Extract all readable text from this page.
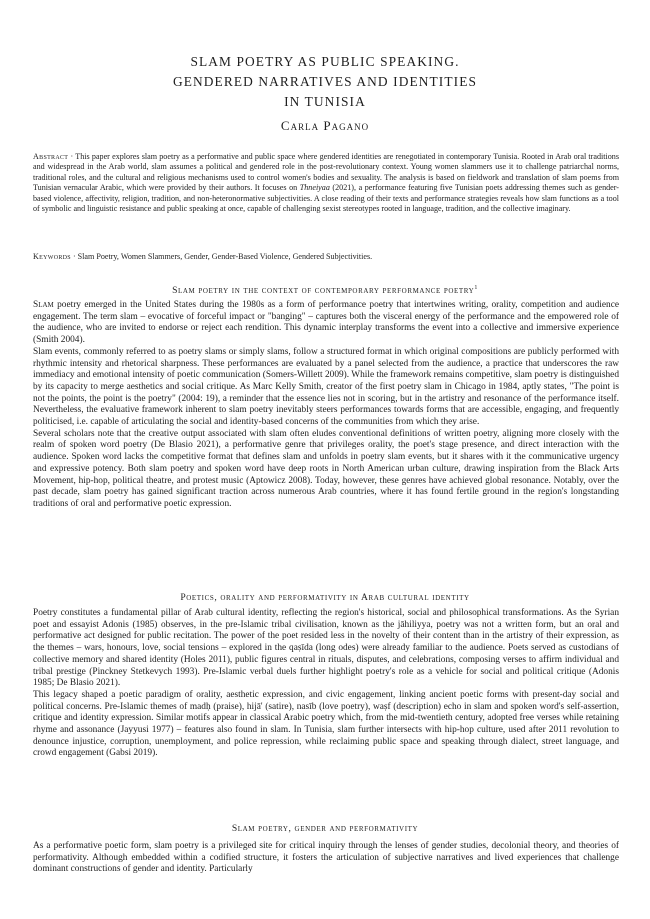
SLAM POETRY AS PUBLIC SPEAKING.
GENDERED NARRATIVES AND IDENTITIES
IN TUNISIA
Carla Pagano
Abstract · This paper explores slam poetry as a performative and public space where gendered identities are renegotiated in contemporary Tunisia. Rooted in Arab oral traditions and widespread in the Arab world, slam assumes a political and gendered role in the post-revolutionary context. Young women slammers use it to challenge patriarchal norms, traditional roles, and the cultural and religious mechanisms used to control women's bodies and sexuality. The analysis is based on fieldwork and translation of slam poems from Tunisian vernacular Arabic, which were provided by their authors. It focuses on Thneiyaa (2021), a performance featuring five Tunisian poets addressing themes such as gender-based violence, affectivity, religion, tradition, and non-heteronormative subjectivities. A close reading of their texts and performance strategies reveals how slam functions as a tool of symbolic and linguistic resistance and public speaking at once, capable of challenging sexist stereotypes rooted in language, tradition, and the collective imaginary.
Keywords · Slam Poetry, Women Slammers, Gender, Gender-Based Violence, Gendered Subjectivities.
Slam poetry in the context of contemporary performance poetry$^1$

Slam poetry emerged in the United States during the 1980s as a form of performance poetry that intertwines writing, orality, competition and audience engagement. The term slam – evocative of forceful impact or "banging" – captures both the visceral energy of the performance and the empowered role of the audience, who are invited to endorse or reject each rendition. This dynamic interplay transforms the event into a collective and immersive experience (Smith 2004).

Slam events, commonly referred to as poetry slams or simply slams, follow a structured format in which original compositions are publicly performed with rhythmic intensity and rhetorical sharpness. These performances are evaluated by a panel selected from the audience, a practice that underscores the raw immediacy and emotional intensity of poetic communication (Somers-Willett 2009). While the framework remains competitive, slam poetry is distinguished by its capacity to merge aesthetics and social critique. As Marc Kelly Smith, creator of the first poetry slam in Chicago in 1984, aptly states, "The point is not the points, the point is the poetry" (2004: 19), a reminder that the essence lies not in scoring, but in the artistry and resonance of the performance itself. Nevertheless, the evaluative framework inherent to slam poetry inevitably steers performances towards forms that are accessible, engaging, and frequently politicised, i.e. capable of articulating the social and identity-based concerns of the communities from which they arise.

Several scholars note that the creative output associated with slam often eludes conventional definitions of written poetry, aligning more closely with the realm of spoken word poetry (De Blasio 2021), a performative genre that privileges orality, the poet's stage presence, and direct interaction with the audience. Spoken word lacks the competitive format that defines slam and unfolds in poetry slam events, but it shares with it the communicative urgency and expressive potency. Both slam poetry and spoken word have deep roots in North American urban culture, drawing inspiration from the Black Arts Movement, hip-hop, political theatre, and protest music (Aptowicz 2008). Today, however, these genres have achieved global resonance. Notably, over the past decade, slam poetry has gained significant traction across numerous Arab countries, where it has found fertile ground in the region's longstanding traditions of oral and performative poetic expression.

Poetics, orality and performativity in Arab cultural identity

Poetry constitutes a fundamental pillar of Arab cultural identity, reflecting the region's historical, social and philosophical transformations. As the Syrian poet and essayist Adonis (1985) observes, in the pre-Islamic tribal civilisation, known as the jāhiliyya, poetry was not a written form, but an oral and performative act designed for public recitation. The power of the poet resided less in the novelty of their content than in the artistry of their expression, as the themes – wars, honours, love, social tensions – explored in the qaṣīda (long odes) were already familiar to the audience. Poets served as custodians of collective memory and shared identity (Holes 2011), public figures central in rituals, disputes, and celebrations, composing verses to affirm individual and tribal prestige (Pinckney Stetkevych 1993). Pre-Islamic verbal duels further highlight poetry's role as a vehicle for social and political critique (Adonis 1985; De Blasio 2021).

This legacy shaped a poetic paradigm of orality, aesthetic expression, and civic engagement, linking ancient poetic forms with present-day social and political concerns. Pre-Islamic themes of madḥ (praise), hijā' (satire), nasīb (love poetry), waṣf (description) echo in slam and spoken word's self-assertion, critique and identity expression. Similar motifs appear in classical Arabic poetry which, from the mid-twentieth century, adopted free verses while retaining rhyme and assonance (Jayyusi 1977) – features also found in slam. In Tunisia, slam further intersects with hip-hop culture, used after 2011 revolution to denounce injustice, corruption, unemployment, and police repression, while reclaiming public space and speaking through dialect, street language, and crowd engagement (Gabsi 2019).

Slam poetry, gender and performativity

As a performative poetic form, slam poetry is a privileged site for critical inquiry through the lenses of gender studies, decolonial theory, and theories of performativity. Although embedded within a codified structure, it fosters the articulation of subjective narratives and lived experiences that challenge dominant constructions of gender and identity. Particularly
